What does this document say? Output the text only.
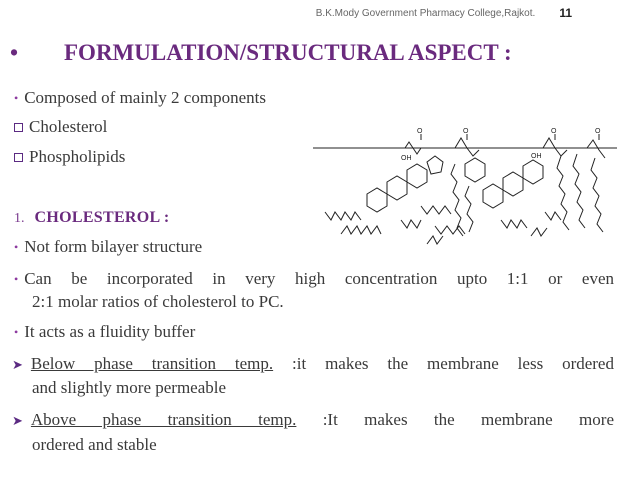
B.K.Mody Government Pharmacy College,Rajkot. 11
• FORMULATION/STRUCTURAL ASPECT :
• Composed of mainly 2 components
Cholesterol
Phospholipids
1. CHOLESTEROL :
• Not form bilayer structure
• Can be incorporated in very high concentration upto 1:1 or even
2:1 molar ratios of cholesterol to PC.
• It acts as a fluidity buffer
➤ Below phase transition temp. :it makes the membrane less ordered
and slightly more permeable
➤ Above phase transition temp. :It makes the membrane more
ordered and stable
O	O	O	O
OH	OH
